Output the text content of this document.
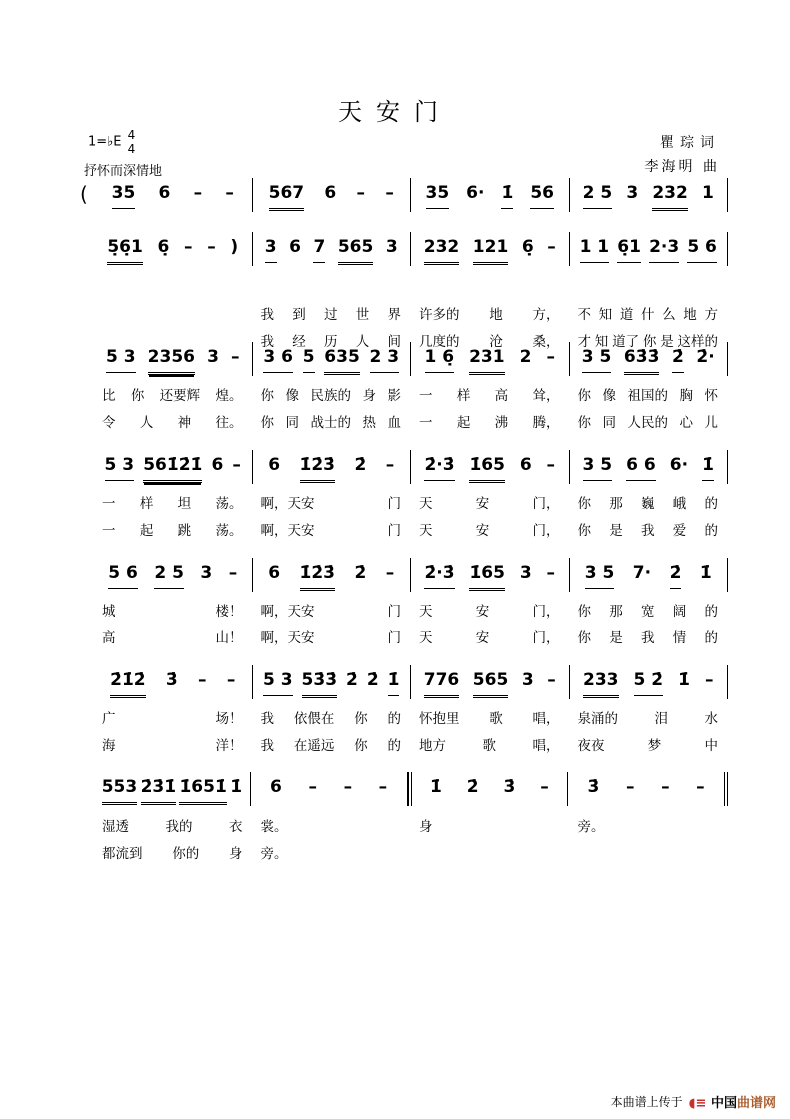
天安门
1=♭E 4
4
抒怀而深情地
瞿琮词
李海明 曲
(	35 6 – – 567 6 – – 35 6· 1̇ 56 2 5 3 232 1
5̣6̣1 6̣ – – ) 3 6 7 565 3 232 121 6̣ – 1 1 6̣1 2·3 5 6
我 到 过 世 界 许多的 地 方， 不 知 道 什 么 地 方
我 经 历 人 间 几度的 沧 桑， 才 知 道了 你 是 这样的
5 3 2356 3 – 3 6 5 635 2 3 1 6̣ 231 2 – 3 5 63̇3̇ 2̇ 2̇·
比 你 还要辉 煌。 你 像 民族的 身 影 一 样 高 耸， 你 像 祖国的 胸 怀
令 人 神 往。 你 同 战士的 热 血 一 起 沸 腾， 你 同 人民的 心 儿
5 3 561̇2̇1̇ 6 – 6 1̇2̇3̇ 2̇ – 2̇·3̇ 1̇65 6 – 3 5 6 6 6· 1̇
一 样 坦 荡。 啊，天安	门 天	安	门， 你 那 巍 峨 的
一 起 跳 荡。 啊，天安	门 天	安	门， 你 是 我 爱 的
5 6 2 5 3 – 6 1̇2̇3̇ 2̇ – 2̇·3̇ 1̇65 3 – 3 5 7· 2̇ 1̇
城	楼！ 啊，天安	门 天	安	门， 你 那 宽 阔 的
高	山！ 啊，天安	门 天	安	门， 你 是 我 情 的
2̇1̇2̇ 3̇ – – 5 3 53̇3̇ 2̇ 2̇ 1̇ 776 565 3 – 233 5 2̇ 1̇ –
广	场！ 我 依偎在 你 的 怀抱里 歌 唱， 泉涌的	泪	水
海	洋！ 我 在遥远 你 的 地方	歌	唱， 夜夜	梦	中
553 2̇3̇1̇ 1̇651̇ 1̇ 6 – – –	1̇ 2̇ 3̇ – 3̇ – – –
湿透	我的	衣 裳。	身	旁。
都流到 你的 身 旁。
本曲谱上传于 ◖≡ 中国曲谱网
